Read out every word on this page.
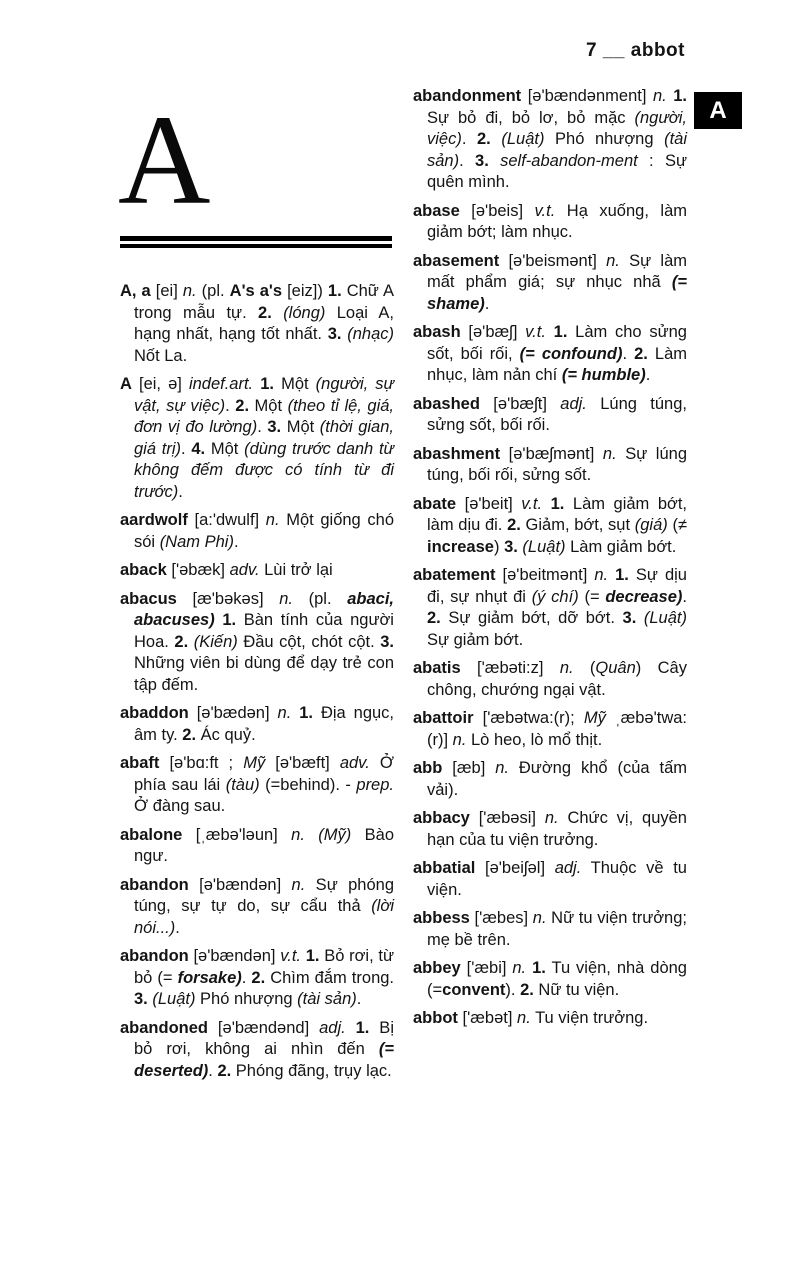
7 __ abbot
A
A
A, a [ei] n. (pl. A's a's [eiz]) 1. Chữ A trong mẫu tự. 2. (lóng) Loại A, hạng nhất, hạng tốt nhất. 3. (nhạc) Nốt La.
A [ei, ə] indef.art. 1. Một (người, sự vật, sự việc). 2. Một (theo tỉ lệ, giá, đơn vị đo lường). 3. Một (thời gian, giá trị). 4. Một (dùng trước danh từ không đếm được có tính từ đi trước).
aardwolf [a:'dwulf] n. Một giống chó sói (Nam Phi).
aback ['əbæk] adv. Lùi trở lại
abacus [æ'bəkəs] n. (pl. abaci, abacuses) 1. Bàn tính của người Hoa. 2. (Kiến) Đầu cột, chót cột. 3. Những viên bi dùng để dạy trẻ con tập đếm.
abaddon [ə'bædən] n. 1. Địa ngục, âm ty. 2. Ác quỷ.
abaft [ə'bɑ:ft ; Mỹ [ə'bæft] adv. Ở phía sau lái (tàu) (=behind). - prep. Ở đàng sau.
abalone [ˌæbə'ləun] n. (Mỹ) Bào ngư.
abandon [ə'bændən] n. Sự phóng túng, sự tự do, sự cẩu thả (lời nói...).
abandon [ə'bændən] v.t. 1. Bỏ rơi, từ bỏ (= forsake). 2. Chìm đắm trong. 3. (Luật) Phó nhượng (tài sản).
abandoned [ə'bændənd] adj. 1. Bị bỏ rơi, không ai nhìn đến (= deserted). 2. Phóng đãng, trụy lạc.
abandonment [ə'bændənment] n. 1. Sự bỏ đi, bỏ lơ, bỏ mặc (người, việc). 2. (Luật) Phó nhượng (tài sản). 3. self-abandon-ment : Sự quên mình.
abase [ə'beis] v.t. Hạ xuống, làm giảm bớt; làm nhục.
abasement [ə'beismənt] n. Sự làm mất phẩm giá; sự nhục nhã (= shame).
abash [ə'bæʃ] v.t. 1. Làm cho sửng sốt, bối rối, (= confound). 2. Làm nhục, làm nản chí (= humble).
abashed [ə'bæʃt] adj. Lúng túng, sửng sốt, bối rối.
abashment [ə'bæʃmənt] n. Sự lúng túng, bối rối, sửng sốt.
abate [ə'beit] v.t. 1. Làm giảm bớt, làm dịu đi. 2. Giảm, bớt, sụt (giá) (≠ increase) 3. (Luật) Làm giảm bớt.
abatement [ə'beitmənt] n. 1. Sự dịu đi, sự nhụt đi (ý chí) (= decrease). 2. Sự giảm bớt, dỡ bớt. 3. (Luật) Sự giảm bớt.
abatis ['æbəti:z] n. (Quân) Cây chông, chướng ngại vật.
abattoir ['æbətwa:(r); Mỹ ˌæbə'twa:(r)] n. Lò heo, lò mổ thịt.
abb [æb] n. Đường khổ (của tấm vải).
abbacy ['æbəsi] n. Chức vị, quyền hạn của tu viện trưởng.
abbatial [ə'beiʃəl] adj. Thuộc về tu viện.
abbess ['æbes] n. Nữ tu viện trưởng; mẹ bề trên.
abbey ['æbi] n. 1. Tu viện, nhà dòng (=convent). 2. Nữ tu viện.
abbot ['æbət] n. Tu viện trưởng.
